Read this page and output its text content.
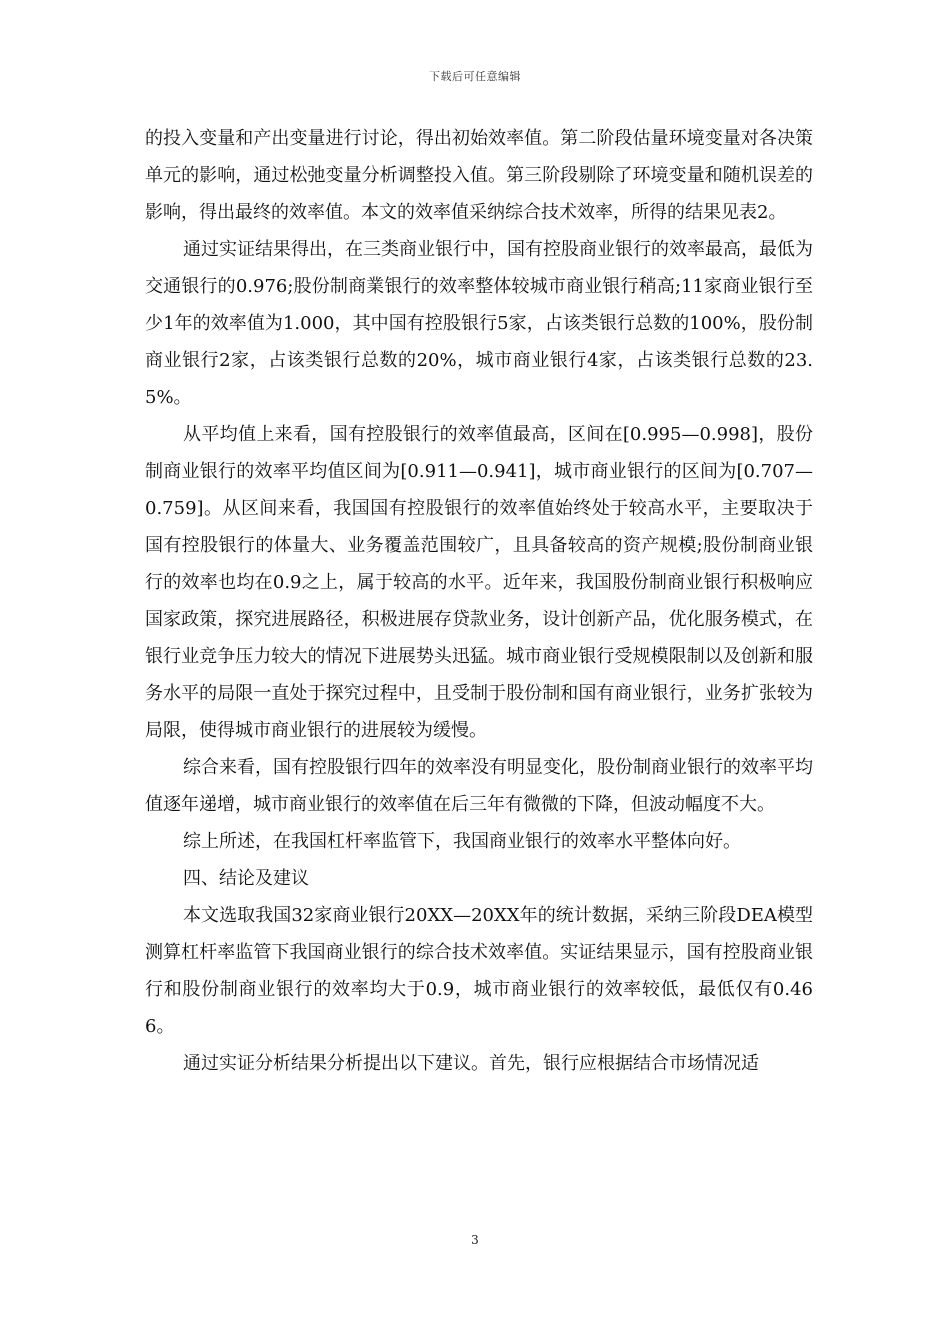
下载后可任意编辑

的投入变量和产出变量进行讨论，得出初始效率值。第二阶段估量环境变量对各决策单元的影响，通过松弛变量分析调整投入值。第三阶段剔除了环境变量和随机误差的影响，得出最终的效率值。本文的效率值采纳综合技术效率，所得的结果见表2。

通过实证结果得出，在三类商业银行中，国有控股商业银行的效率最高，最低为交通银行的0.976;股份制商業银行的效率整体较城市商业银行稍高;11家商业银行至少1年的效率值为1.000，其中国有控股银行5家，占该类银行总数的100%，股份制商业银行2家，占该类银行总数的20%，城市商业银行4家，占该类银行总数的23.5%。

从平均值上来看，国有控股银行的效率值最高，区间在[0.995—0.998]，股份制商业银行的效率平均值区间为[0.911—0.941]，城市商业银行的区间为[0.707—0.759]。从区间来看，我国国有控股银行的效率值始终处于较高水平，主要取决于国有控股银行的体量大、业务覆盖范围较广，且具备较高的资产规模;股份制商业银行的效率也均在0.9之上，属于较高的水平。近年来，我国股份制商业银行积极响应国家政策，探究进展路径，积极进展存贷款业务，设计创新产品，优化服务模式，在银行业竞争压力较大的情况下进展势头迅猛。城市商业银行受规模限制以及创新和服务水平的局限一直处于探究过程中，且受制于股份制和国有商业银行，业务扩张较为局限，使得城市商业银行的进展较为缓慢。

综合来看，国有控股银行四年的效率没有明显变化，股份制商业银行的效率平均值逐年递增，城市商业银行的效率值在后三年有微微的下降，但波动幅度不大。

综上所述，在我国杠杆率监管下，我国商业银行的效率水平整体向好。

四、结论及建议

本文选取我国32家商业银行20XX—20XX年的统计数据，采纳三阶段DEA模型测算杠杆率监管下我国商业银行的综合技术效率值。实证结果显示，国有控股商业银行和股份制商业银行的效率均大于0.9，城市商业银行的效率较低，最低仅有0.466。

通过实证分析结果分析提出以下建议。首先，银行应根据结合市场情况适

3
